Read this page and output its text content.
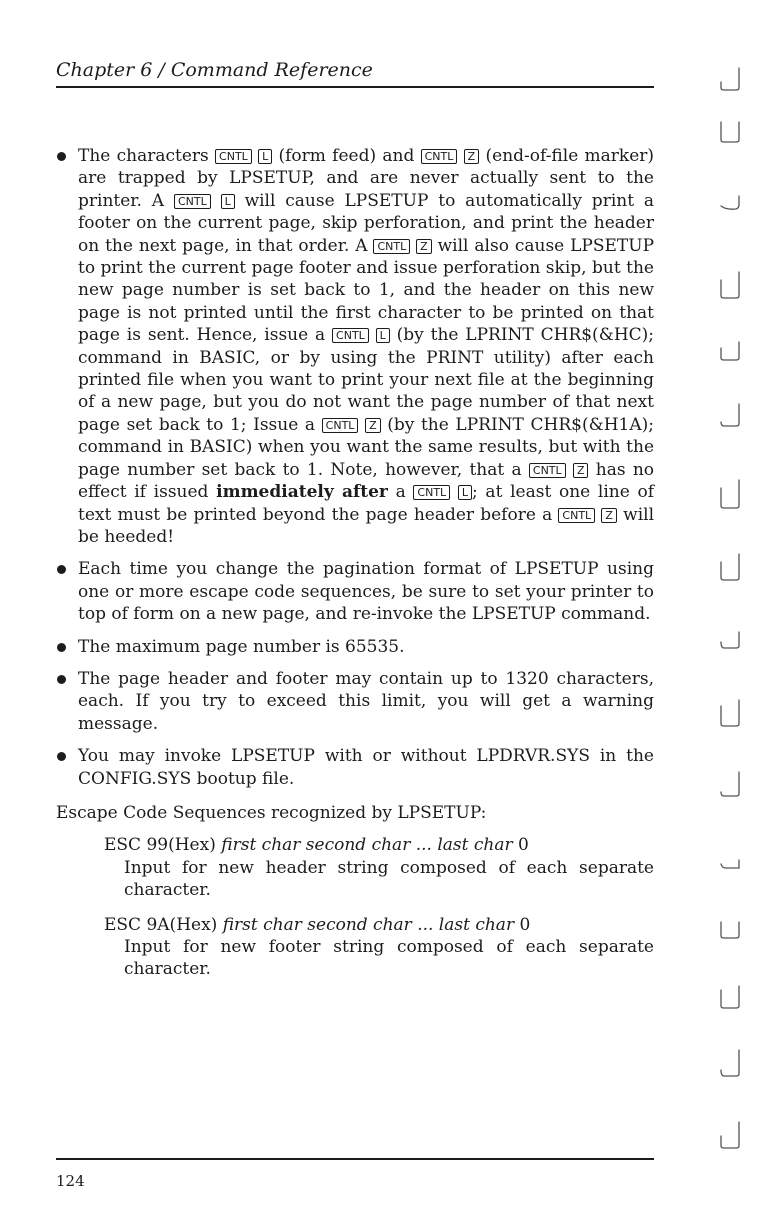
Chapter 6 / Command Reference
The characters CNTL L (form feed) and CNTL Z (end-of-file marker) are trapped by LPSETUP, and are never actually sent to the printer. A CNTL L will cause LPSETUP to automatically print a footer on the current page, skip perforation, and print the header on the next page, in that order. A CNTL Z will also cause LPSETUP to print the current page footer and issue perforation skip, but the new page number is set back to 1, and the header on this new page is not printed until the first character to be printed on that page is sent. Hence, issue a CNTL L (by the LPRINT CHR$(&HC); command in BASIC, or by using the PRINT utility) after each printed file when you want to print your next file at the beginning of a new page, but you do not want the page number of that next page set back to 1; Issue a CNTL Z (by the LPRINT CHR$(&H1A); command in BASIC) when you want the same results, but with the page number set back to 1. Note, however, that a CNTL Z has no effect if issued immediately after a CNTL L ; at least one line of text must be printed beyond the page header before a CNTL Z will be heeded!
Each time you change the pagination format of LPSETUP using one or more escape code sequences, be sure to set your printer to top of form on a new page, and re-invoke the LPSETUP command.
The maximum page number is 65535.
The page header and footer may contain up to 1320 characters, each. If you try to exceed this limit, you will get a warning message.
You may invoke LPSETUP with or without LPDRVR.SYS in the CONFIG.SYS bootup file.
Escape Code Sequences recognized by LPSETUP:
ESC 99(Hex) first char second char ... last char 0
Input for new header string composed of each separate character.
ESC 9A(Hex) first char second char ... last char 0
Input for new footer string composed of each separate character.
124
